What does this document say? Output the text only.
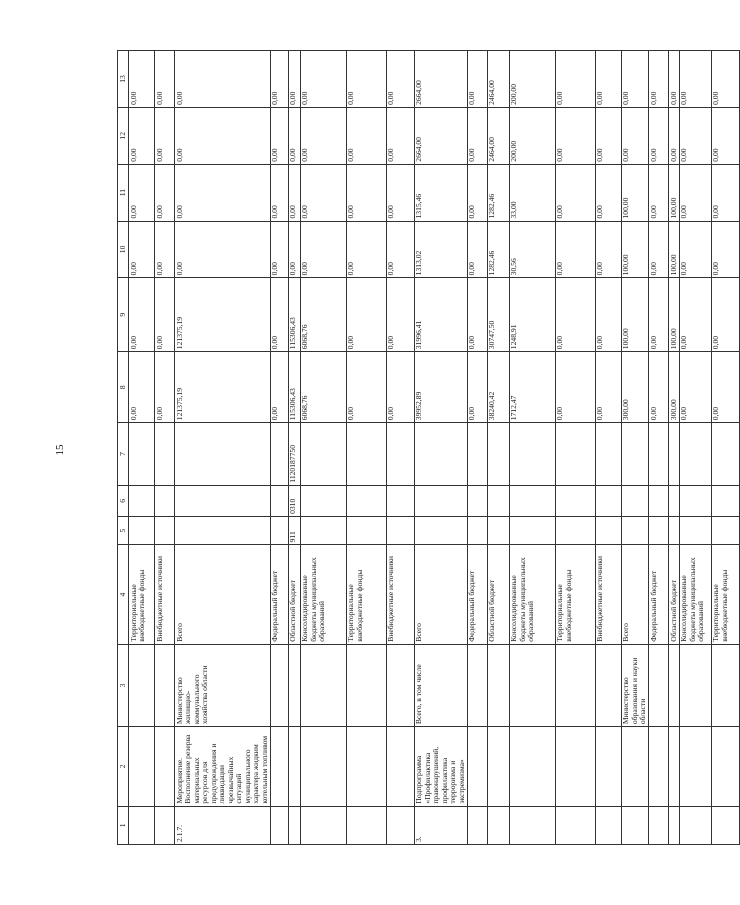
15
1	2	3	4	5	6	7	8	9	10	11	12	13
			Территориальные внебюджетные фонды				0,00	0,00	0,00	0,00	0,00	0,00
			Внебюджетные источники				0,00	0,00	0,00	0,00	0,00	0,00
2.1.7.	Мероприятие. Восполнение резерва материальных ресурсов для предупреждения и ликвидации чрезвычайных ситуаций муниципального характера жидким котельным топливом	Министерство жилищно-коммунального хозяйства области	Всего				121375,19	121375,19	0,00	0,00	0,00	0,00
			Федеральный бюджет				0,00	0,00	0,00	0,00	0,00	0,00
			Областной бюджет	911	0310	1120187750	115306,43	115306,43	0,00	0,00	0,00	0,00
			Консолидированные бюджеты муниципальных образований				6068,76	6068,76	0,00	0,00	0,00	0,00
			Территориальные внебюджетные фонды				0,00	0,00	0,00	0,00	0,00	0,00
			Внебюджетные источники				0,00	0,00	0,00	0,00	0,00	0,00
3.	Подпрограмма «Профилактика правонарушений, профилактика терроризма и экстремизма»	Всего, в том числе	Всего				39952,89	31996,41	1313,02	1315,46	2664,00	2664,00
			Федеральный бюджет				0,00	0,00	0,00	0,00	0,00	0,00
			Областной бюджет				38240,42	30747,50	1282,46	1282,46	2464,00	2464,00
			Консолидированные бюджеты муниципальных образований				1712,47	1248,91	30,56	33,00	200,00	200,00
			Территориальные внебюджетные фонды				0,00	0,00	0,00	0,00	0,00	0,00
			Внебюджетные источники				0,00	0,00	0,00	0,00	0,00	0,00
		Министерство образования и науки области	Всего				300,00	100,00	100,00	100,00	0,00	0,00
			Федеральный бюджет				0,00	0,00	0,00	0,00	0,00	0,00
			Областной бюджет				300,00	100,00	100,00	100,00	0,00	0,00
			Консолидированные бюджеты муниципальных образований				0,00	0,00	0,00	0,00	0,00	0,00
			Территориальные внебюджетные фонды				0,00	0,00	0,00	0,00	0,00	0,00
